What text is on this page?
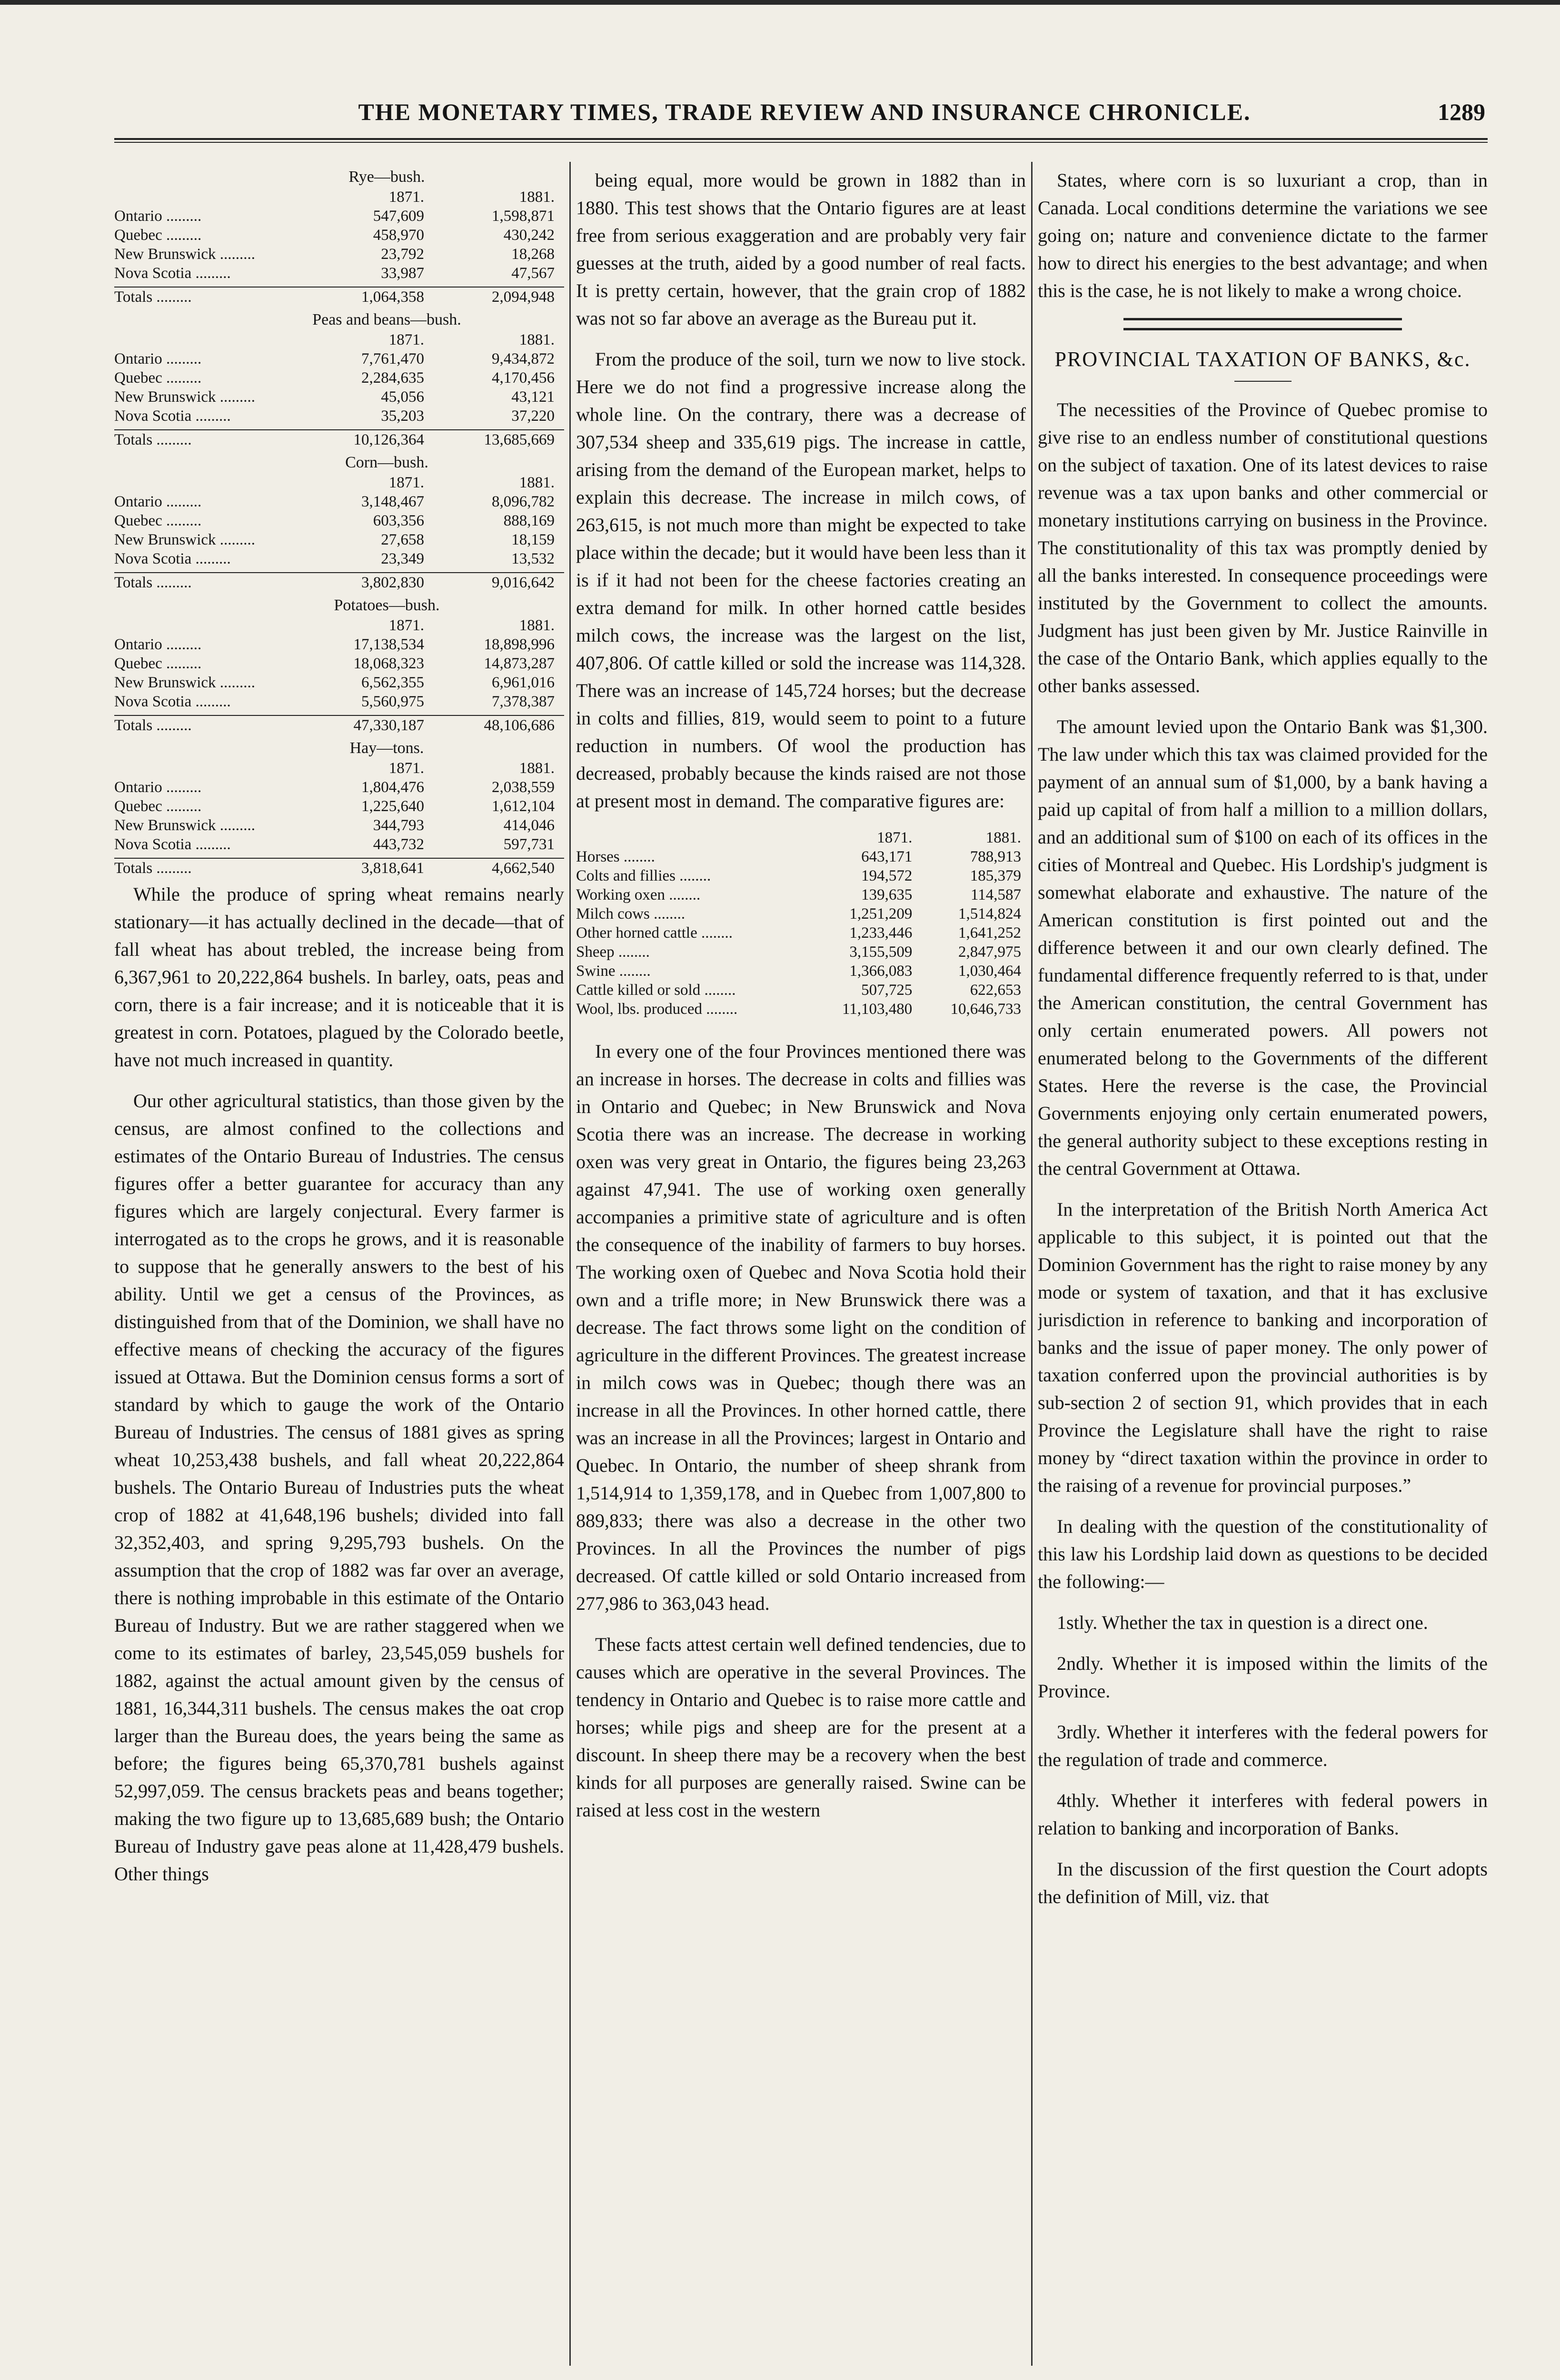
THE MONETARY TIMES, TRADE REVIEW AND INSURANCE CHRONICLE.	1289
Rye—bush.
	1871.	1881.
Ontario .........	547,609	1,598,871
Quebec .........	458,970	430,242
New Brunswick .........	23,792	18,268
Nova Scotia .........	33,987	47,567

Totals .........	1,064,358	2,094,948
Peas and beans—bush.
	1871.	1881.
Ontario .........	7,761,470	9,434,872
Quebec .........	2,284,635	4,170,456
New Brunswick .........	45,056	43,121
Nova Scotia .........	35,203	37,220

Totals .........	10,126,364	13,685,669
Corn—bush.
	1871.	1881.
Ontario .........	3,148,467	8,096,782
Quebec .........	603,356	888,169
New Brunswick .........	27,658	18,159
Nova Scotia .........	23,349	13,532

Totals .........	3,802,830	9,016,642
Potatoes—bush.
	1871.	1881.
Ontario .........	17,138,534	18,898,996
Quebec .........	18,068,323	14,873,287
New Brunswick .........	6,562,355	6,961,016
Nova Scotia .........	5,560,975	7,378,387

Totals .........	47,330,187	48,106,686
Hay—tons.
	1871.	1881.
Ontario .........	1,804,476	2,038,559
Quebec .........	1,225,640	1,612,104
New Brunswick .........	344,793	414,046
Nova Scotia .........	443,732	597,731

Totals .........	3,818,641	4,662,540

While the produce of spring wheat remains nearly stationary—it has actually declined in the decade—that of fall wheat has about trebled, the increase being from 6,367,961 to 20,222,864 bushels. In barley, oats, peas and corn, there is a fair increase; and it is noticeable that it is greatest in corn. Potatoes, plagued by the Colorado beetle, have not much increased in quantity.

Our other agricultural statistics, than those given by the census, are almost confined to the collections and estimates of the Ontario Bureau of Industries. The census figures offer a better guarantee for accuracy than any figures which are largely conjectural. Every farmer is interrogated as to the crops he grows, and it is reasonable to suppose that he generally answers to the best of his ability. Until we get a census of the Provinces, as distinguished from that of the Dominion, we shall have no effective means of checking the accuracy of the figures issued at Ottawa. But the Dominion census forms a sort of standard by which to gauge the work of the Ontario Bureau of Industries. The census of 1881 gives as spring wheat 10,253,438 bushels, and fall wheat 20,222,864 bushels. The Ontario Bureau of Industries puts the wheat crop of 1882 at 41,648,196 bushels; divided into fall 32,352,403, and spring 9,295,793 bushels. On the assumption that the crop of 1882 was far over an average, there is nothing improbable in this estimate of the Ontario Bureau of Industry. But we are rather staggered when we come to its estimates of barley, 23,545,059 bushels for 1882, against the actual amount given by the census of 1881, 16,344,311 bushels. The census makes the oat crop larger than the Bureau does, the years being the same as before; the figures being 65,370,781 bushels against 52,997,059. The census brackets peas and beans together; making the two figure up to 13,685,689 bush; the Ontario Bureau of Industry gave peas alone at 11,428,479 bushels. Other things

being equal, more would be grown in 1882 than in 1880. This test shows that the Ontario figures are at least free from serious exaggeration and are probably very fair guesses at the truth, aided by a good number of real facts. It is pretty certain, however, that the grain crop of 1882 was not so far above an average as the Bureau put it.

From the produce of the soil, turn we now to live stock. Here we do not find a progressive increase along the whole line. On the contrary, there was a decrease of 307,534 sheep and 335,619 pigs. The increase in cattle, arising from the demand of the European market, helps to explain this decrease. The increase in milch cows, of 263,615, is not much more than might be expected to take place within the decade; but it would have been less than it is if it had not been for the cheese factories creating an extra demand for milk. In other horned cattle besides milch cows, the increase was the largest on the list, 407,806. Of cattle killed or sold the increase was 114,328. There was an increase of 145,724 horses; but the decrease in colts and fillies, 819, would seem to point to a future reduction in numbers. Of wool the production has decreased, probably because the kinds raised are not those at present most in demand. The comparative figures are:

	1871.	1881.
Horses ........	643,171	788,913
Colts and fillies ........	194,572	185,379
Working oxen ........	139,635	114,587
Milch cows ........	1,251,209	1,514,824
Other horned cattle ........	1,233,446	1,641,252
Sheep ........	3,155,509	2,847,975
Swine ........	1,366,083	1,030,464
Cattle killed or sold ........	507,725	622,653
Wool, lbs. produced ........	11,103,480	10,646,733

In every one of the four Provinces mentioned there was an increase in horses. The decrease in colts and fillies was in Ontario and Quebec; in New Brunswick and Nova Scotia there was an increase. The decrease in working oxen was very great in Ontario, the figures being 23,263 against 47,941. The use of working oxen generally accompanies a primitive state of agriculture and is often the consequence of the inability of farmers to buy horses. The working oxen of Quebec and Nova Scotia hold their own and a trifle more; in New Brunswick there was a decrease. The fact throws some light on the condition of agriculture in the different Provinces. The greatest increase in milch cows was in Quebec; though there was an increase in all the Provinces. In other horned cattle, there was an increase in all the Provinces; largest in Ontario and Quebec. In Ontario, the number of sheep shrank from 1,514,914 to 1,359,178, and in Quebec from 1,007,800 to 889,833; there was also a decrease in the other two Provinces. In all the Provinces the number of pigs decreased. Of cattle killed or sold Ontario increased from 277,986 to 363,043 head.

These facts attest certain well defined tendencies, due to causes which are operative in the several Provinces. The tendency in Ontario and Quebec is to raise more cattle and horses; while pigs and sheep are for the present at a discount. In sheep there may be a recovery when the best kinds for all purposes are generally raised. Swine can be raised at less cost in the western

States, where corn is so luxuriant a crop, than in Canada. Local conditions determine the variations we see going on; nature and convenience dictate to the farmer how to direct his energies to the best advantage; and when this is the case, he is not likely to make a wrong choice.

PROVINCIAL TAXATION OF BANKS, &c.

The necessities of the Province of Quebec promise to give rise to an endless number of constitutional questions on the subject of taxation. One of its latest devices to raise revenue was a tax upon banks and other commercial or monetary institutions carrying on business in the Province. The constitutionality of this tax was promptly denied by all the banks interested. In consequence proceedings were instituted by the Government to collect the amounts. Judgment has just been given by Mr. Justice Rainville in the case of the Ontario Bank, which applies equally to the other banks assessed.

The amount levied upon the Ontario Bank was $1,300. The law under which this tax was claimed provided for the payment of an annual sum of $1,000, by a bank having a paid up capital of from half a million to a million dollars, and an additional sum of $100 on each of its offices in the cities of Montreal and Quebec. His Lordship's judgment is somewhat elaborate and exhaustive. The nature of the American constitution is first pointed out and the difference between it and our own clearly defined. The fundamental difference frequently referred to is that, under the American constitution, the central Government has only certain enumerated powers. All powers not enumerated belong to the Governments of the different States. Here the reverse is the case, the Provincial Governments enjoying only certain enumerated powers, the general authority subject to these exceptions resting in the central Government at Ottawa.

In the interpretation of the British North America Act applicable to this subject, it is pointed out that the Dominion Government has the right to raise money by any mode or system of taxation, and that it has exclusive jurisdiction in reference to banking and incorporation of banks and the issue of paper money. The only power of taxation conferred upon the provincial authorities is by sub-section 2 of section 91, which provides that in each Province the Legislature shall have the right to raise money by “direct taxation within the province in order to the raising of a revenue for provincial purposes.”

In dealing with the question of the constitutionality of this law his Lordship laid down as questions to be decided the following:—

1stly. Whether the tax in question is a direct one.

2ndly. Whether it is imposed within the limits of the Province.

3rdly. Whether it interferes with the federal powers for the regulation of trade and commerce.

4thly. Whether it interferes with federal powers in relation to banking and incorporation of Banks.

In the discussion of the first question the Court adopts the definition of Mill, viz. that
